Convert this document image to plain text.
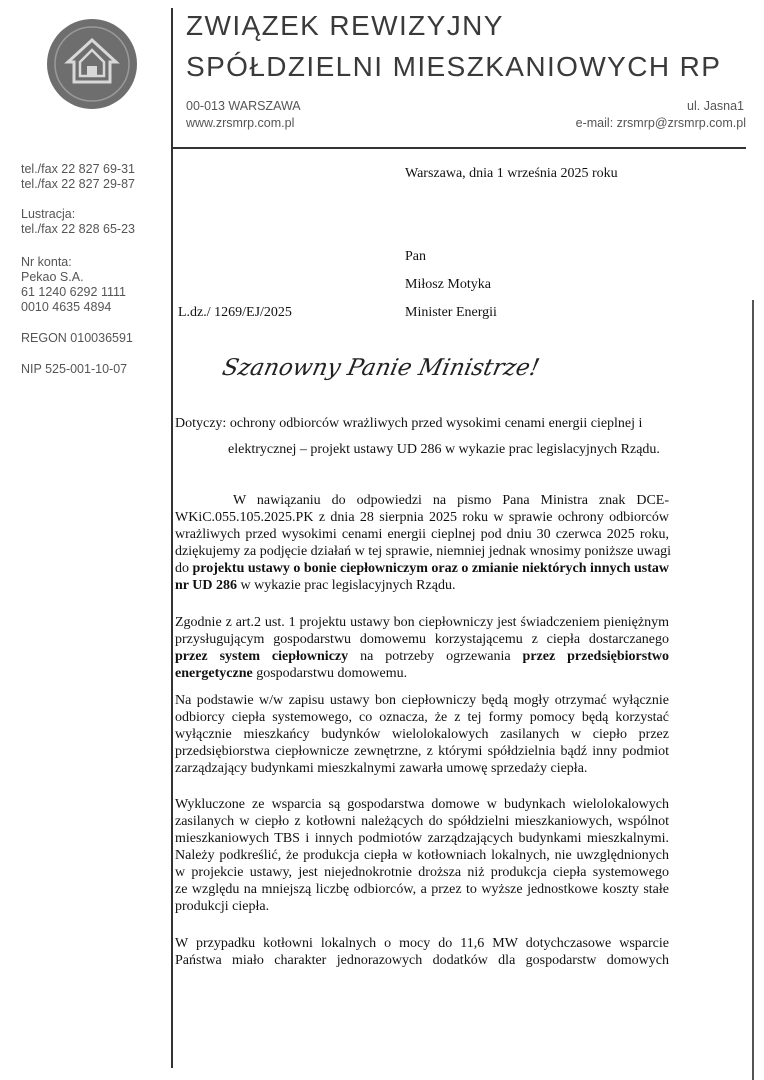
ZWIĄZEK REWIZYJNY
SPÓŁDZIELNI MIESZKANIOWYCH RP
00-013 WARSZAWA	ul. Jasna1
www.zrsmrp.com.pl	e-mail: zrsmrp@zrsmrp.com.pl
tel./fax 22 827 69-31
tel./fax 22 827 29-87
Lustracja:
tel./fax 22 828 65-23
Nr konta:
Pekao S.A.
61 1240 6292 1111
0010 4635 4894
REGON 010036591
NIP 525-001-10-07
Warszawa, dnia 1 września 2025 roku
Pan
Miłosz Motyka
Minister Energii
L.dz./ 1269/EJ/2025
Szanowny Panie Ministrze!
Dotyczy: ochrony odbiorców wrażliwych przed wysokimi cenami energii cieplnej i
elektrycznej – projekt ustawy UD 286 w wykazie prac legislacyjnych Rządu.
W nawiązaniu do odpowiedzi na pismo Pana Ministra znak DCE-
WKiC.055.105.2025.PK z dnia 28 sierpnia 2025 roku w sprawie ochrony odbiorców
wrażliwych przed wysokimi cenami energii cieplnej pod dniu 30 czerwca 2025 roku,
dziękujemy za podjęcie działań w tej sprawie, niemniej jednak wnosimy poniższe uwagi
do projektu ustawy o bonie ciepłowniczym oraz o zmianie niektórych innych ustaw
nr UD 286 w wykazie prac legislacyjnych Rządu.
Zgodnie z art.2 ust. 1 projektu ustawy bon ciepłowniczy jest świadczeniem pieniężnym
przysługującym gospodarstwu domowemu korzystającemu z ciepła dostarczanego
przez system ciepłowniczy na potrzeby ogrzewania przez przedsiębiorstwo
energetyczne gospodarstwu domowemu.
Na podstawie w/w zapisu ustawy bon ciepłowniczy będą mogły otrzymać wyłącznie
odbiorcy ciepła systemowego, co oznacza, że z tej formy pomocy będą korzystać
wyłącznie mieszkańcy budynków wielolokalowych zasilanych w ciepło przez
przedsiębiorstwa ciepłownicze zewnętrzne, z którymi spółdzielnia bądź inny podmiot
zarządzający budynkami mieszkalnymi zawarła umowę sprzedaży ciepła.
Wykluczone ze wsparcia są gospodarstwa domowe w budynkach wielolokalowych
zasilanych w ciepło z kotłowni należących do spółdzielni mieszkaniowych, wspólnot
mieszkaniowych TBS i innych podmiotów zarządzających budynkami mieszkalnymi.
Należy podkreślić, że produkcja ciepła w kotłowniach lokalnych, nie uwzględnionych
w projekcie ustawy, jest niejednokrotnie droższa niż produkcja ciepła systemowego
ze względu na mniejszą liczbę odbiorców, a przez to wyższe jednostkowe koszty stałe
produkcji ciepła.
W przypadku kotłowni lokalnych o mocy do 11,6 MW dotychczasowe wsparcie
Państwa miało charakter jednorazowych dodatków dla gospodarstw domowych
